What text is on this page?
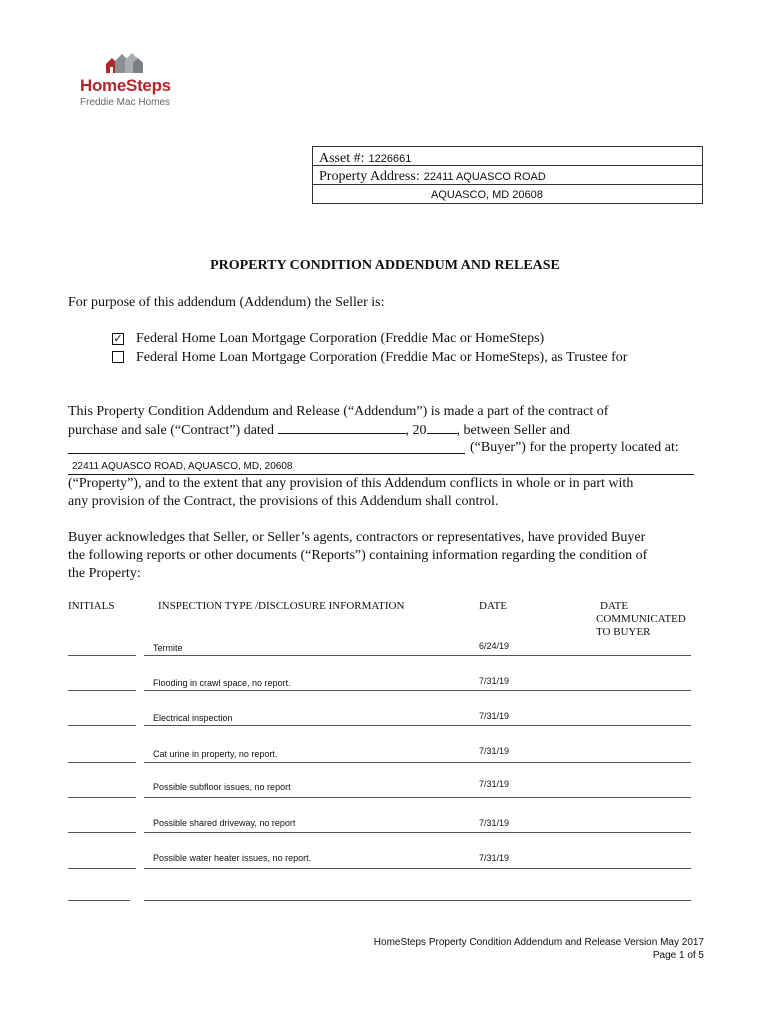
HomeSteps
Freddie Mac Homes
Asset #: 1226661
Property Address: 22411 AQUASCO ROAD
AQUASCO, MD 20608
PROPERTY CONDITION ADDENDUM AND RELEASE
For purpose of this addendum (Addendum) the Seller is:
✓ Federal Home Loan Mortgage Corporation (Freddie Mac or HomeSteps)
Federal Home Loan Mortgage Corporation (Freddie Mac or HomeSteps), as Trustee for
This Property Condition Addendum and Release (“Addendum”) is made a part of the contract of
purchase and sale (“Contract”) dated	, 20 , between Seller and
(“Buyer”) for the property located at:
22411 AQUASCO ROAD, AQUASCO, MD, 20608
(“Property”), and to the extent that any provision of this Addendum conflicts in whole or in part with
any provision of the Contract, the provisions of this Addendum shall control.
Buyer acknowledges that Seller, or Seller’s agents, contractors or representatives, have provided Buyer
the following reports or other documents (“Reports”) containing information regarding the condition of
the Property:
INITIALS	INSPECTION TYPE /DISCLOSURE INFORMATION	DATE	DATE
COMMUNICATED
TO BUYER
Termite	6/24/19
Flooding in crawl space, no report.	7/31/19
Electrical inspection	7/31/19
Cat urine in property, no report.	7/31/19
Possible subfloor issues, no report	7/31/19
Possible shared driveway, no report	7/31/19
Possible water heater issues, no report.	7/31/19
HomeSteps Property Condition Addendum and Release Version May 2017
Page 1 of 5
